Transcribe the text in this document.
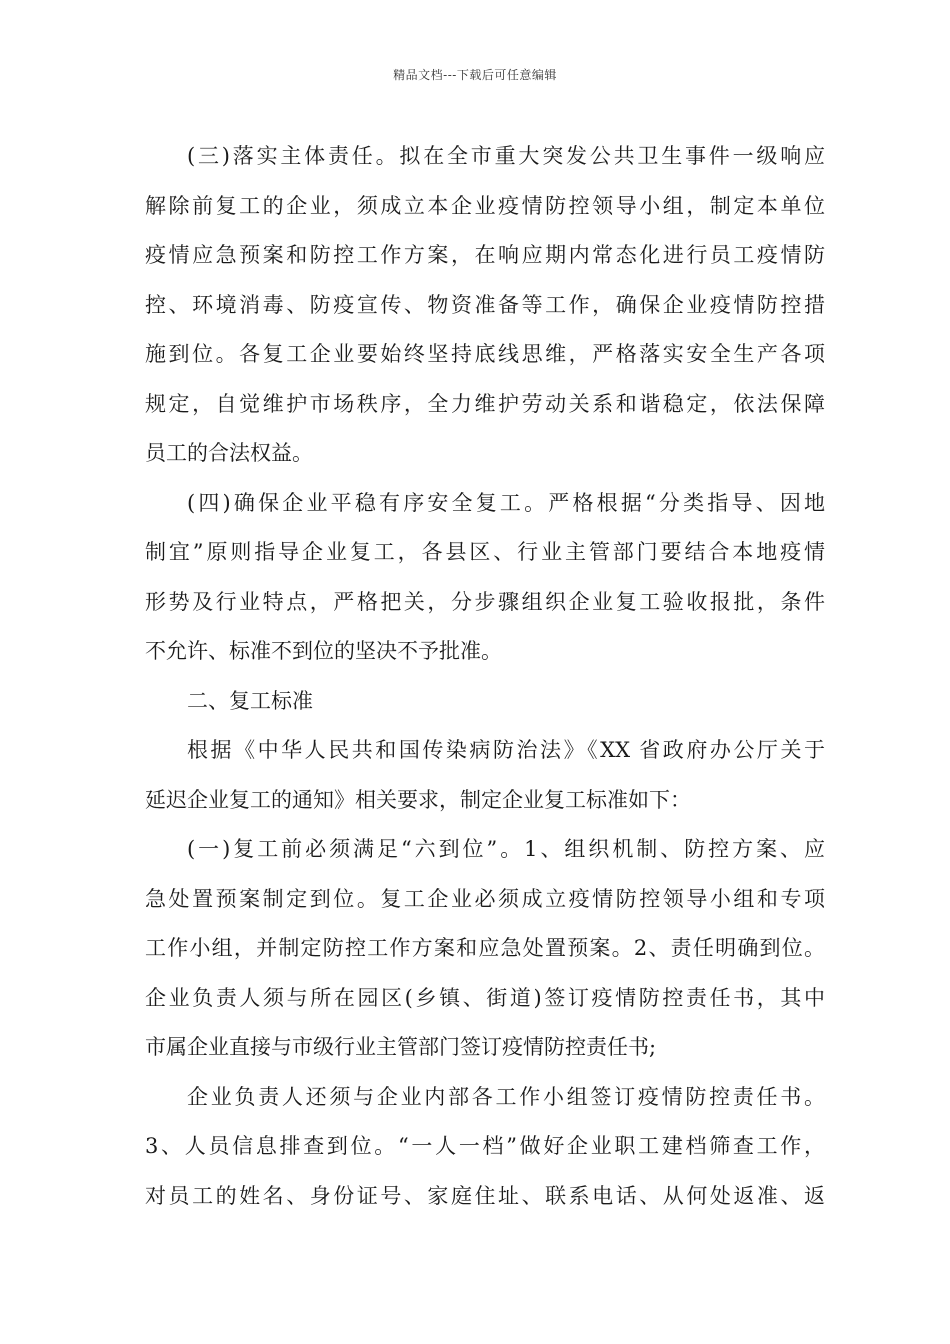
精品文档---下载后可任意编辑
(三)落实主体责任。拟在全市重大突发公共卫生事件一级响应
解除前复工的企业，须成立本企业疫情防控领导小组，制定本单位
疫情应急预案和防控工作方案，在响应期内常态化进行员工疫情防
控、环境消毒、防疫宣传、物资准备等工作，确保企业疫情防控措
施到位。各复工企业要始终坚持底线思维，严格落实安全生产各项
规定，自觉维护市场秩序，全力维护劳动关系和谐稳定，依法保障
员工的合法权益。
(四)确保企业平稳有序安全复工。严格根据“分类指导、因地
制宜”原则指导企业复工，各县区、行业主管部门要结合本地疫情
形势及行业特点，严格把关，分步骤组织企业复工验收报批，条件
不允许、标准不到位的坚决不予批准。
二、复工标准
根据《中华人民共和国传染病防治法》《XX 省政府办公厅关于
延迟企业复工的通知》相关要求，制定企业复工标准如下：
(一)复工前必须满足“六到位”。1、组织机制、防控方案、应
急处置预案制定到位。复工企业必须成立疫情防控领导小组和专项
工作小组，并制定防控工作方案和应急处置预案。2、责任明确到位。
企业负责人须与所在园区(乡镇、街道)签订疫情防控责任书，其中
市属企业直接与市级行业主管部门签订疫情防控责任书;
企业负责人还须与企业内部各工作小组签订疫情防控责任书。
3、人员信息排查到位。“一人一档”做好企业职工建档筛查工作，
对员工的姓名、身份证号、家庭住址、联系电话、从何处返准、返
